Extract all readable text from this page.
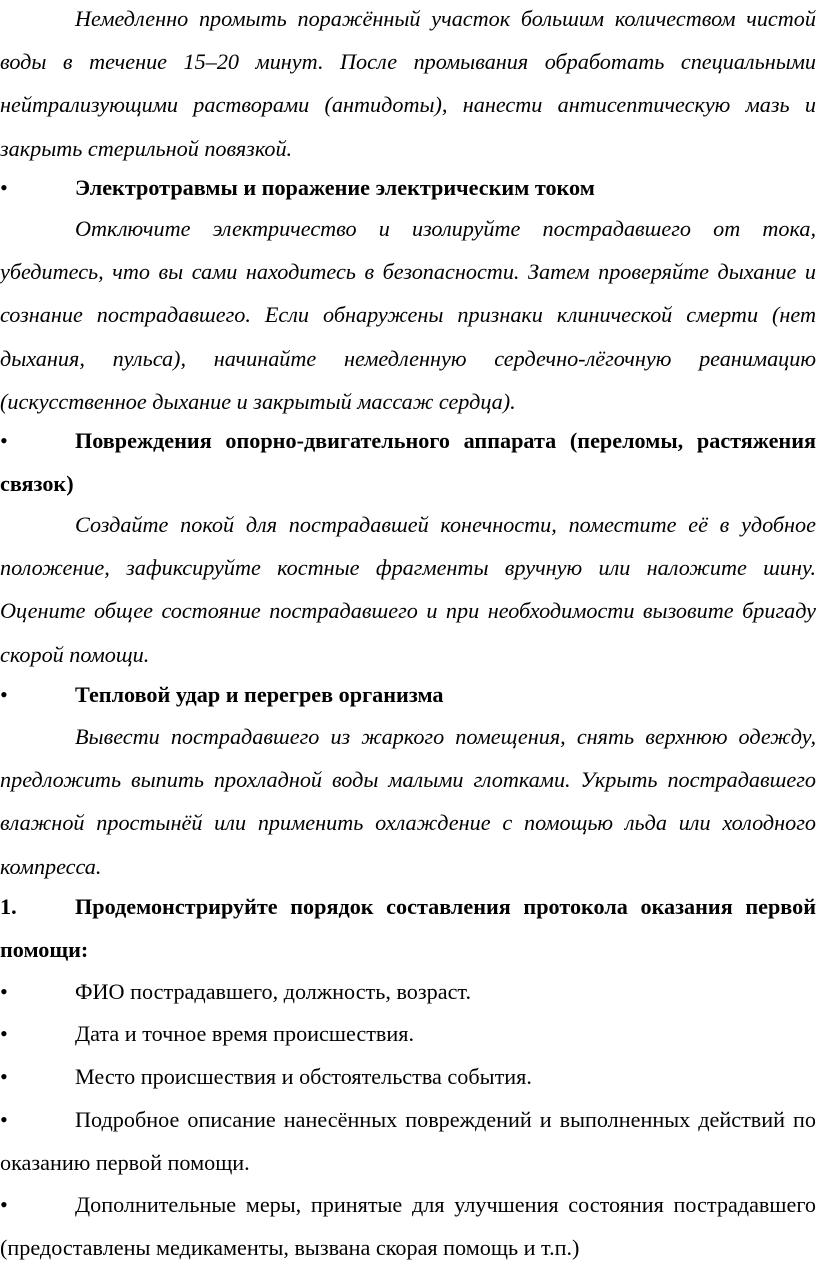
Немедленно промыть поражённый участок большим количеством чистой воды в течение 15–20 минут. После промывания обработать специальными нейтрализующими растворами (антидоты), нанести антисептическую мазь и закрыть стерильной повязкой.

•	Электротравмы и поражение электрическим током

Отключите электричество и изолируйте пострадавшего от тока, убедитесь, что вы сами находитесь в безопасности. Затем проверяйте дыхание и сознание пострадавшего. Если обнаружены признаки клинической смерти (нет дыхания, пульса), начинайте немедленную сердечно-лёгочную реанимацию (искусственное дыхание и закрытый массаж сердца).

•	Повреждения опорно-двигательного аппарата (переломы, растяжения связок)

Создайте покой для пострадавшей конечности, поместите её в удобное положение, зафиксируйте костные фрагменты вручную или наложите шину. Оцените общее состояние пострадавшего и при необходимости вызовите бригаду скорой помощи.

•	Тепловой удар и перегрев организма

Вывести пострадавшего из жаркого помещения, снять верхнюю одежду, предложить выпить прохладной воды малыми глотками. Укрыть пострадавшего влажной простынёй или применить охлаждение с помощью льда или холодного компресса.

1.	Продемонстрируйте порядок составления протокола оказания первой помощи:

•	ФИО пострадавшего, должность, возраст.

•	Дата и точное время происшествия.

•	Место происшествия и обстоятельства события.

•	Подробное описание нанесённых повреждений и выполненных действий по оказанию первой помощи.

•	Дополнительные меры, принятые для улучшения состояния пострадавшего (предоставлены медикаменты, вызвана скорая помощь и т.п.)
